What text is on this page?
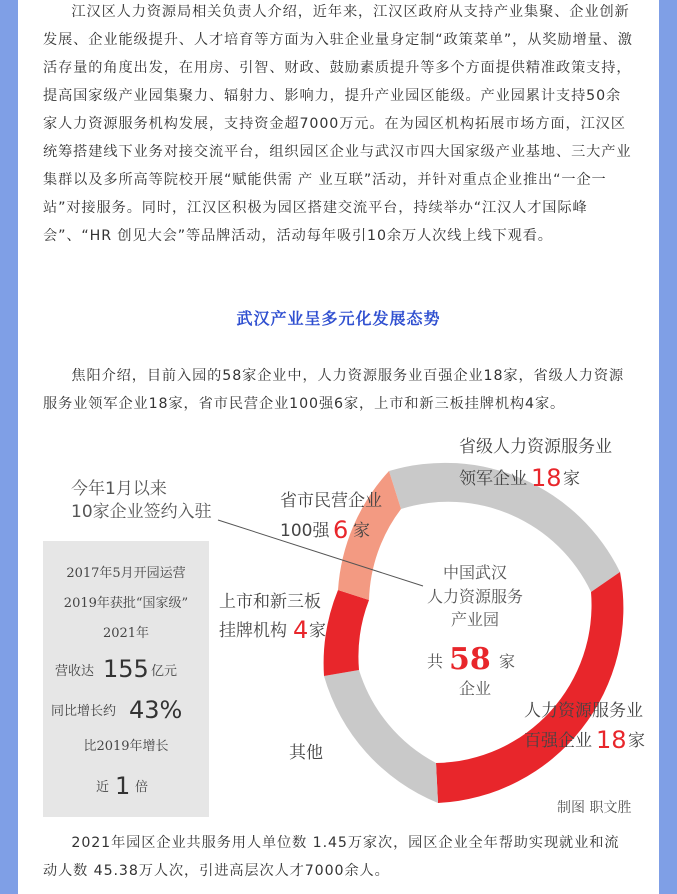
江汉区人力资源局相关负责人介绍，近年来，江汉区政府从支持产业集聚、企业创新发展、企业能级提升、人才培育等方面为入驻企业量身定制“政策菜单”，从奖励增量、激活存量的角度出发，在用房、引智、财政、鼓励素质提升等多个方面提供精准政策支持，提高国家级产业园集聚力、辐射力、影响力，提升产业园区能级。产业园累计支持50余家人力资源服务机构发展，支持资金超7000万元。在为园区机构拓展市场方面，江汉区统筹搭建线下业务对接交流平台，组织园区企业与武汉市四大国家级产业基地、三大产业集群以及多所高等院校开展“赋能供需 产 业互联”活动，并针对重点企业推出“一企一站”对接服务。同时，江汉区积极为园区搭建交流平台，持续举办“江汉人才国际峰会”、“HR 创见大会”等品牌活动，活动每年吸引10余万人次线上线下观看。

武汉产业呈多元化发展态势

焦阳介绍，目前入园的58家企业中，人力资源服务业百强企业18家，省级人力资源服务业领军企业18家，省市民营企业100强6家，上市和新三板挂牌机构4家。

今年1月以来
10家企业签约入驻
中国武汉
人力资源服务
产业园
企业
共 58 家
省级人力资源服务业
领军企业 18 家
省市民营企业
100强 6 家
上市和新三板
挂牌机构 4 家
人力资源服务业
百强企业 18 家
其他
制图 职文胜
2017年5月开园运营
2019年获批“国家级”
2021年
比2019年增长
营收达 155 亿元
同比增长约 43%
近 1 倍

2021年园区企业共服务用人单位数 1.45万家次，园区企业全年帮助实现就业和流动人数 45.38万人次，引进高层次人才7000余人。
